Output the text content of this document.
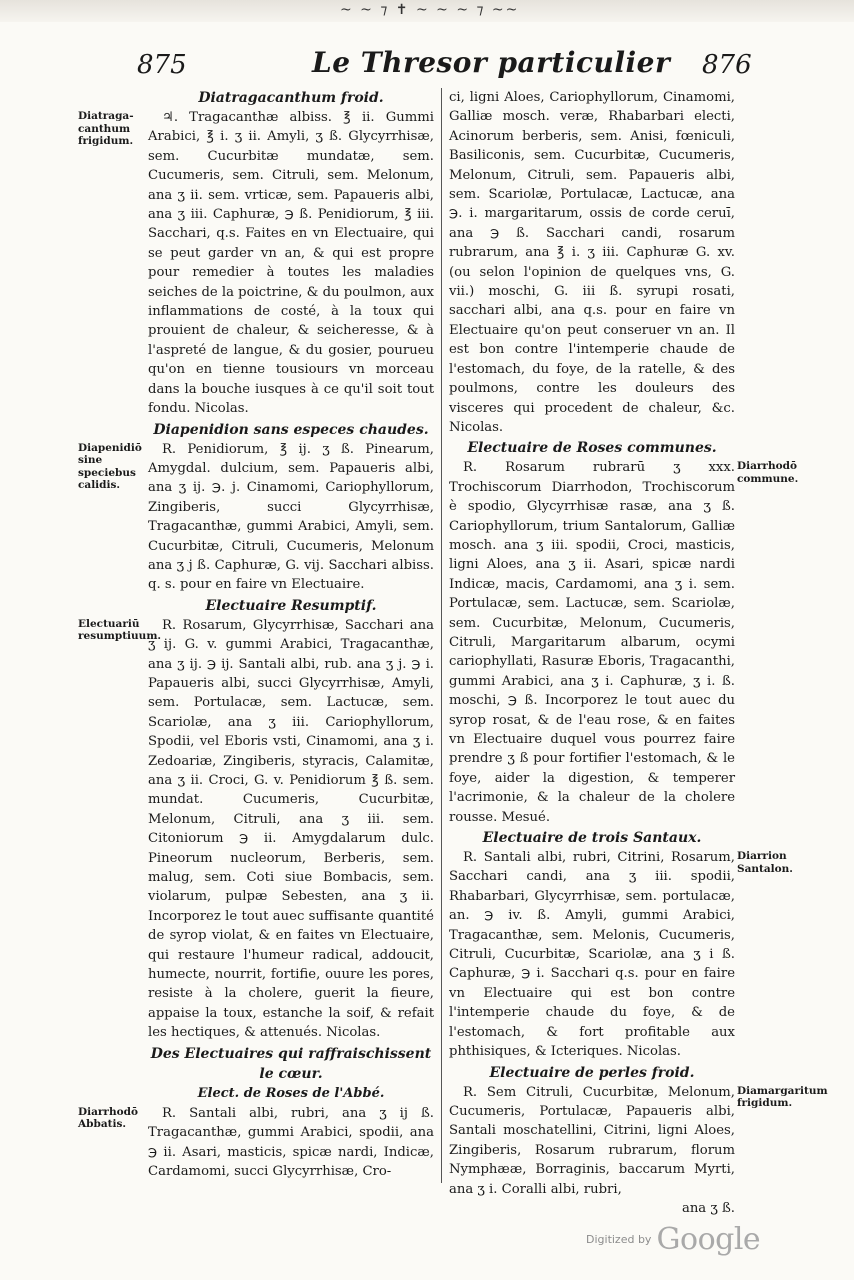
~ ~ ⁊ ✝ ~ ~ ~ ⁊ ~~
875	Le Thresor particulier 876
Diatraga-canthum frigidum.

Diatragacanthum froid.

♃. Tragacanthæ albiss. ℥ ii. Gummi Arabici, ℥ i. ʒ ii. Amyli, ʒ ß. Glycyrrhisæ, sem. Cucurbitæ mundatæ, sem. Cucumeris, sem. Citruli, sem. Melonum, ana ʒ ii. sem. vrticæ, sem. Papaueris albi, ana ʒ iii. Caphuræ, ℈ ß. Penidiorum, ℥ iii. Sacchari, q.s. Faites en vn Electuaire, qui se peut garder vn an, & qui est propre pour remedier à toutes les maladies seiches de la poictrine, & du poulmon, aux inflammations de costé, à la toux qui prouient de chaleur, & seicheresse, & à l'aspreté de langue, & du gosier, pourueu qu'on en tienne tousiours vn morceau dans la bouche iusques à ce qu'il soit tout fondu. Nicolas.

Diapenidiō sine speciebus calidis.

Diapenidion sans especes chaudes.

R. Penidiorum, ℥ ij. ʒ ß. Pinearum, Amygdal. dulcium, sem. Papaueris albi, ana ʒ ij. ℈. j. Cinamomi, Cariophyllorum, Zingiberis, succi Glycyrrhisæ, Tragacanthæ, gummi Arabici, Amyli, sem. Cucurbitæ, Citruli, Cucumeris, Melonum ana ʒ j ß. Caphuræ, G. vij. Sacchari albiss. q. s. pour en faire vn Electuaire.

Electuariū resumptiuum.

Electuaire Resumptif.

R. Rosarum, Glycyrrhisæ, Sacchari ana ʒ ij. G. v. gummi Arabici, Tragacanthæ, ana ʒ ij. ℈ ij. Santali albi, rub. ana ʒ j. ℈ i. Papaueris albi, succi Glycyrrhisæ, Amyli, sem. Portulacæ, sem. Lactucæ, sem. Scariolæ, ana ʒ iii. Cariophyllorum, Spodii, vel Eboris vsti, Cinamomi, ana ʒ i. Zedoariæ, Zingiberis, styracis, Calamitæ, ana ʒ ii. Croci, G. v. Penidiorum ℥ ß. sem. mundat. Cucumeris, Cucurbitæ, Melonum, Citruli, ana ʒ iii. sem. Citoniorum ℈ ii. Amygdalarum dulc. Pineorum nucleorum, Berberis, sem. malug, sem. Coti siue Bombacis, sem. violarum, pulpæ Sebesten, ana ʒ ii. Incorporez le tout auec suffisante quantité de syrop violat, & en faites vn Electuaire, qui restaure l'humeur radical, addoucit, humecte, nourrit, fortifie, ouure les pores, resiste à la cholere, guerit la fieure, appaise la toux, estanche la soif, & refait les hectiques, & attenués. Nicolas.

Diarrhodō Abbatis.

Des Electuaires qui raffraischissent le cœur.

Elect. de Roses de l'Abbé.

R. Santali albi, rubri, ana ʒ ij ß. Tragacanthæ, gummi Arabici, spodii, ana ℈ ii. Asari, masticis, spicæ nardi, Indicæ, Cardamomi, succi Glycyrrhisæ, Cro-

ci, ligni Aloes, Cariophyllorum, Cinamomi, Galliæ mosch. veræ, Rhabarbari electi, Acinorum berberis, sem. Anisi, fœniculi, Basiliconis, sem. Cucurbitæ, Cucumeris, Melonum, Citruli, sem. Papaueris albi, sem. Scariolæ, Portulacæ, Lactucæ, ana ℈. i. margaritarum, ossis de corde ceruī, ana ℈ ß. Sacchari candi, rosarum rubrarum, ana ℥ i. ʒ iii. Caphuræ G. xv. (ou selon l'opinion de quelques vns, G. vii.) moschi, G. iii ß. syrupi rosati, sacchari albi, ana q.s. pour en faire vn Electuaire qu'on peut conseruer vn an. Il est bon contre l'intemperie chaude de l'estomach, du foye, de la ratelle, & des poulmons, contre les douleurs des visceres qui procedent de chaleur, &c. Nicolas.

Diarrhodō commune.

Electuaire de Roses communes.

R. Rosarum rubrarū ʒ xxx. Trochiscorum Diarrhodon, Trochiscorum è spodio, Glycyrrhisæ rasæ, ana ʒ ß. Cariophyllorum, trium Santalorum, Galliæ mosch. ana ʒ iii. spodii, Croci, masticis, ligni Aloes, ana ʒ ii. Asari, spicæ nardi Indicæ, macis, Cardamomi, ana ʒ i. sem. Portulacæ, sem. Lactucæ, sem. Scariolæ, sem. Cucurbitæ, Melonum, Cucumeris, Citruli, Margaritarum albarum, ocymi cariophyllati, Rasuræ Eboris, Tragacanthi, gummi Arabici, ana ʒ i. Caphuræ, ʒ i. ß. moschi, ℈ ß. Incorporez le tout auec du syrop rosat, & de l'eau rose, & en faites vn Electuaire duquel vous pourrez faire prendre ʒ ß pour fortifier l'estomach, & le foye, aider la digestion, & temperer l'acrimonie, & la chaleur de la cholere rousse. Mesué.

Diarrion Santalon.

Electuaire de trois Santaux.

R. Santali albi, rubri, Citrini, Rosarum, Sacchari candi, ana ʒ iii. spodii, Rhabarbari, Glycyrrhisæ, sem. portulacæ, an. ℈ iv. ß. Amyli, gummi Arabici, Tragacanthæ, sem. Melonis, Cucumeris, Citruli, Cucurbitæ, Scariolæ, ana ʒ i ß. Caphuræ, ℈ i. Sacchari q.s. pour en faire vn Electuaire qui est bon contre l'intemperie chaude du foye, & de l'estomach, & fort profitable aux phthisiques, & Icteriques. Nicolas.

Diamargaritum frigidum.

Electuaire de perles froid.

R. Sem Citruli, Cucurbitæ, Melonum, Cucumeris, Portulacæ, Papaueris albi, Santali moschatellini, Citrini, ligni Aloes, Zingiberis, Rosarum rubrarum, florum Nymphææ, Borraginis, baccarum Myrti, ana ʒ i. Coralli albi, rubri,

ana ʒ ß.

Digitized by Google
